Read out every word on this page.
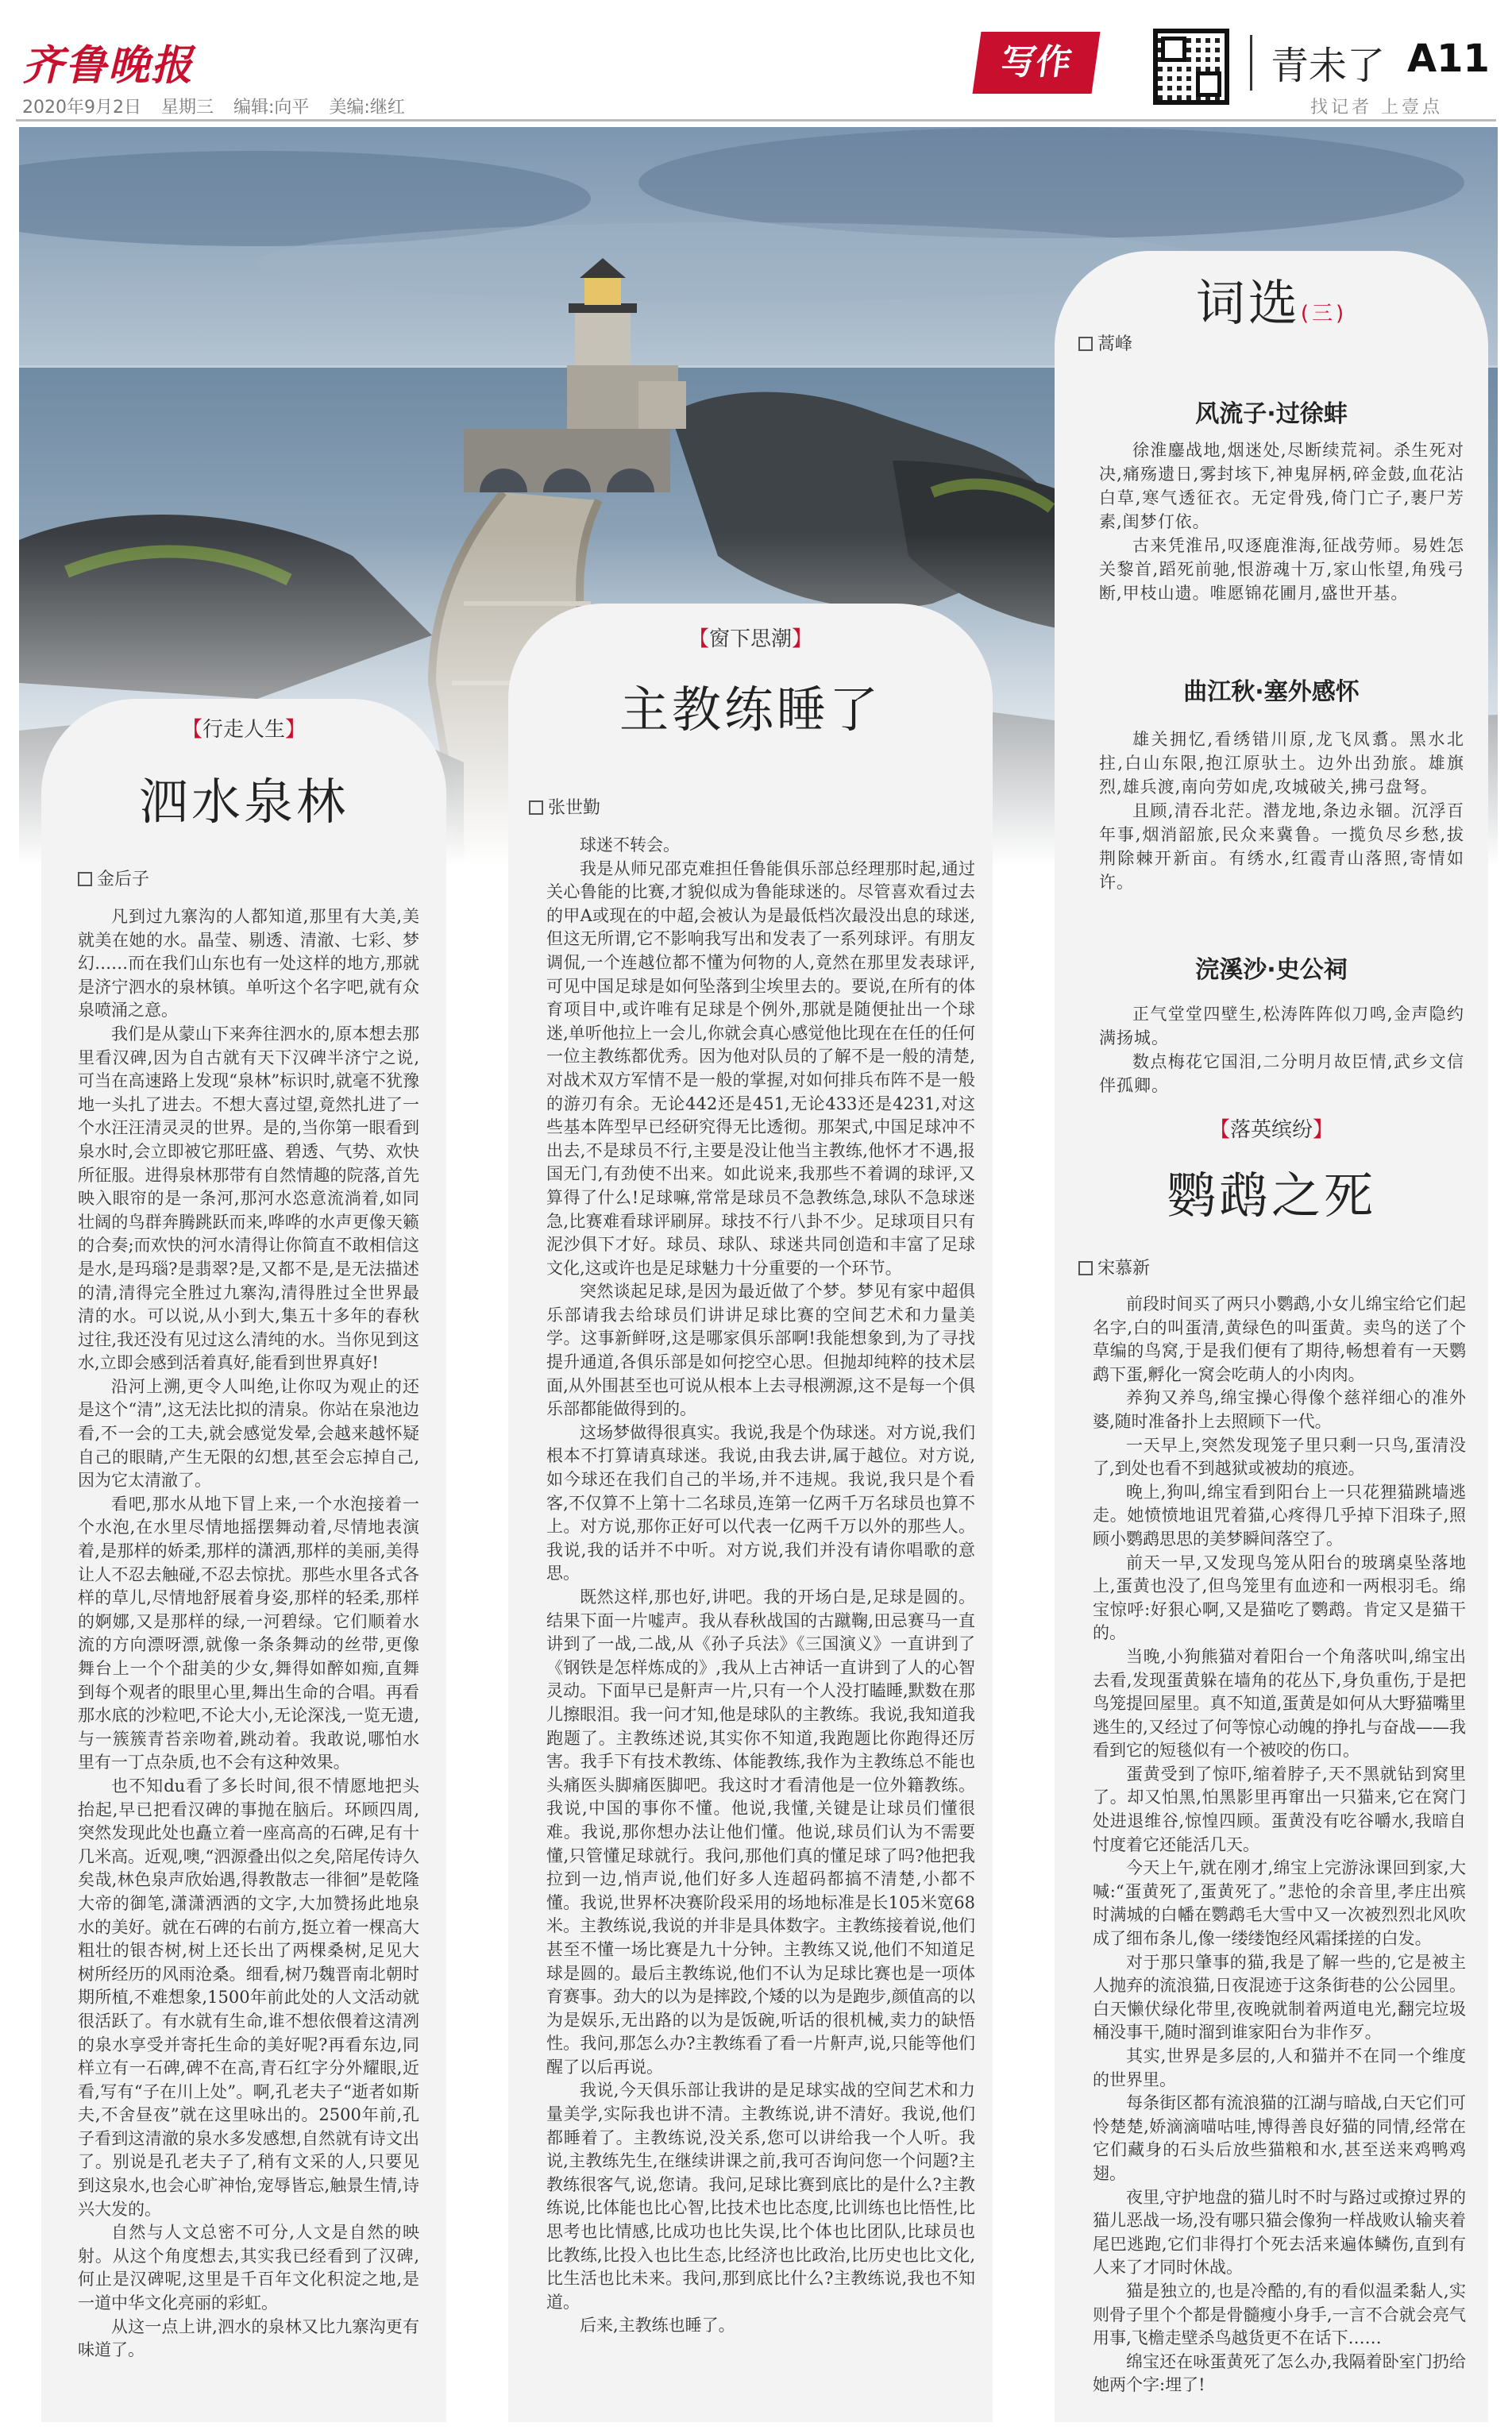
齐鲁晚报
2020年9月2日 星期三 编辑:向平 美编:继红
写作	青未了 A11
找记者 上壹点
【行走人生】
泗水泉林
金后子

凡到过九寨沟的人都知道,那里有大美,美就美在她的水。晶莹、剔透、清澈、七彩、梦幻……而在我们山东也有一处这样的地方,那就是济宁泗水的泉林镇。单听这个名字吧,就有众泉喷涌之意。

我们是从蒙山下来奔往泗水的,原本想去那里看汉碑,因为自古就有天下汉碑半济宁之说,可当在高速路上发现“泉林”标识时,就毫不犹豫地一头扎了进去。不想大喜过望,竟然扎进了一个水汪汪清灵灵的世界。是的,当你第一眼看到泉水时,会立即被它那旺盛、碧透、气势、欢快所征服。进得泉林那带有自然情趣的院落,首先映入眼帘的是一条河,那河水恣意流淌着,如同壮阔的鸟群奔腾跳跃而来,哗哗的水声更像天籁的合奏;而欢快的河水清得让你简直不敢相信这是水,是玛瑙?是翡翠?是,又都不是,是无法描述的清,清得完全胜过九寨沟,清得胜过全世界最清的水。可以说,从小到大,集五十多年的春秋过往,我还没有见过这么清纯的水。当你见到这水,立即会感到活着真好,能看到世界真好!

沿河上溯,更令人叫绝,让你叹为观止的还是这个“清”,这无法比拟的清泉。你站在泉池边看,不一会的工夫,就会感觉发晕,会越来越怀疑自己的眼睛,产生无限的幻想,甚至会忘掉自己,因为它太清澈了。

看吧,那水从地下冒上来,一个水泡接着一个水泡,在水里尽情地摇摆舞动着,尽情地表演着,是那样的娇柔,那样的潇洒,那样的美丽,美得让人不忍去触碰,不忍去惊扰。那些水里各式各样的草儿,尽情地舒展着身姿,那样的轻柔,那样的婀娜,又是那样的绿,一河碧绿。它们顺着水流的方向漂呀漂,就像一条条舞动的丝带,更像舞台上一个个甜美的少女,舞得如醉如痴,直舞到每个观者的眼里心里,舞出生命的合唱。再看那水底的沙粒吧,不论大小,无论深浅,一览无遗,与一簇簇青苔亲吻着,跳动着。我敢说,哪怕水里有一丁点杂质,也不会有这种效果。

也不知du看了多长时间,很不情愿地把头抬起,早已把看汉碑的事抛在脑后。环顾四周,突然发现此处也矗立着一座高高的石碑,足有十几米高。近观,噢,“泗源叠出似之矣,陪尾传诗久矣哉,林色泉声欣始遇,得教散志一徘徊”是乾隆大帝的御笔,潇潇洒洒的文字,大加赞扬此地泉水的美好。就在石碑的右前方,挺立着一棵高大粗壮的银杏树,树上还长出了两棵桑树,足见大树所经历的风雨沧桑。细看,树乃魏晋南北朝时期所植,不难想象,1500年前此处的人文活动就很活跃了。有水就有生命,谁不想依偎着这清冽的泉水享受并寄托生命的美好呢?再看东边,同样立有一石碑,碑不在高,青石红字分外耀眼,近看,写有“子在川上处”。啊,孔老夫子“逝者如斯夫,不舍昼夜”就在这里咏出的。2500年前,孔子看到这清澈的泉水多发感想,自然就有诗文出了。别说是孔老夫子了,稍有文采的人,只要见到这泉水,也会心旷神怡,宠辱皆忘,触景生情,诗兴大发的。

自然与人文总密不可分,人文是自然的映射。从这个角度想去,其实我已经看到了汉碑,何止是汉碑呢,这里是千百年文化积淀之地,是一道中华文化亮丽的彩虹。

从这一点上讲,泗水的泉林又比九寨沟更有味道了。

【窗下思潮】
主教练睡了
张世勤

球迷不转会。

我是从师兄邵克难担任鲁能俱乐部总经理那时起,通过关心鲁能的比赛,才貌似成为鲁能球迷的。尽管喜欢看过去的甲A或现在的中超,会被认为是最低档次最没出息的球迷,但这无所谓,它不影响我写出和发表了一系列球评。有朋友调侃,一个连越位都不懂为何物的人,竟然在那里发表球评,可见中国足球是如何坠落到尘埃里去的。要说,在所有的体育项目中,或许唯有足球是个例外,那就是随便扯出一个球迷,单听他拉上一会儿,你就会真心感觉他比现在在任的任何一位主教练都优秀。因为他对队员的了解不是一般的清楚,对战术双方军情不是一般的掌握,对如何排兵布阵不是一般的游刃有余。无论442还是451,无论433还是4231,对这些基本阵型早已经研究得无比透彻。那架式,中国足球冲不出去,不是球员不行,主要是没让他当主教练,他怀才不遇,报国无门,有劲使不出来。如此说来,我那些不着调的球评,又算得了什么!足球嘛,常常是球员不急教练急,球队不急球迷急,比赛难看球评刷屏。球技不行八卦不少。足球项目只有泥沙俱下才好。球员、球队、球迷共同创造和丰富了足球文化,这或许也是足球魅力十分重要的一个环节。

突然谈起足球,是因为最近做了个梦。梦见有家中超俱乐部请我去给球员们讲讲足球比赛的空间艺术和力量美学。这事新鲜呀,这是哪家俱乐部啊!我能想象到,为了寻找提升通道,各俱乐部是如何挖空心思。但抛却纯粹的技术层面,从外围甚至也可说从根本上去寻根溯源,这不是每一个俱乐部都能做得到的。

这场梦做得很真实。我说,我是个伪球迷。对方说,我们根本不打算请真球迷。我说,由我去讲,属于越位。对方说,如今球还在我们自己的半场,并不违规。我说,我只是个看客,不仅算不上第十二名球员,连第一亿两千万名球员也算不上。对方说,那你正好可以代表一亿两千万以外的那些人。我说,我的话并不中听。对方说,我们并没有请你唱歌的意思。

既然这样,那也好,讲吧。我的开场白是,足球是圆的。结果下面一片嘘声。我从春秋战国的古蹴鞠,田忌赛马一直讲到了一战,二战,从《孙子兵法》《三国演义》一直讲到了《钢铁是怎样炼成的》,我从上古神话一直讲到了人的心智灵动。下面早已是鼾声一片,只有一个人没打瞌睡,默数在那儿擦眼泪。我一问才知,他是球队的主教练。我说,我知道我跑题了。主教练述说,其实你不知道,我跑题比你跑得还厉害。我手下有技术教练、体能教练,我作为主教练总不能也头痛医头脚痛医脚吧。我这时才看清他是一位外籍教练。我说,中国的事你不懂。他说,我懂,关键是让球员们懂很难。我说,那你想办法让他们懂。他说,球员们认为不需要懂,只管懂足球就行。我问,那他们真的懂足球了吗?他把我拉到一边,悄声说,他们好多人连超码都搞不清楚,小都不懂。我说,世界杯决赛阶段采用的场地标准是长105米宽68米。主教练说,我说的并非是具体数字。主教练接着说,他们甚至不懂一场比赛是九十分钟。主教练又说,他们不知道足球是圆的。最后主教练说,他们不认为足球比赛也是一项体育赛事。劲大的以为是摔跤,个矮的以为是跑步,颜值高的以为是娱乐,无出路的以为是饭碗,听话的很机械,卖力的缺悟性。我问,那怎么办?主教练看了看一片鼾声,说,只能等他们醒了以后再说。

我说,今天俱乐部让我讲的是足球实战的空间艺术和力量美学,实际我也讲不清。主教练说,讲不清好。我说,他们都睡着了。主教练说,没关系,您可以讲给我一个人听。我说,主教练先生,在继续讲课之前,我可否询问您一个问题?主教练很客气,说,您请。我问,足球比赛到底比的是什么?主教练说,比体能也比心智,比技术也比态度,比训练也比悟性,比思考也比情感,比成功也比失误,比个体也比团队,比球员也比教练,比投入也比生态,比经济也比政治,比历史也比文化,比生活也比未来。我问,那到底比什么?主教练说,我也不知道。

后来,主教练也睡了。

词选(三)
蒿峰
风流子·过徐蚌

徐淮鏖战地,烟迷处,尽断续荒祠。杀生死对决,痛殇遗日,雾封垓下,神鬼屏柄,碎金鼓,血花沾白草,寒气透征衣。无定骨残,倚门亡子,裹尸芳素,闺梦仃依。

古来凭淮吊,叹逐鹿淮海,征战劳师。易姓怎关黎首,蹈死前驰,恨游魂十万,家山怅望,角残弓断,甲枝山遗。唯愿锦花圃月,盛世开基。

曲江秋·塞外感怀

雄关拥忆,看绣错川原,龙飞凤翥。黑水北拄,白山东限,抱江原驮土。边外出劲旅。雄旗烈,雄兵渡,南向劳如虎,攻城破关,拂弓盘弩。

且顾,清吞北茫。潜龙地,条边永锢。沉浮百年事,烟消韶旅,民众来冀鲁。一揽负尽乡愁,拔荆除棘开新亩。有绣水,红霞青山落照,寄情如许。

浣溪沙·史公祠

正气堂堂四壁生,松涛阵阵似刀鸣,金声隐约满扬城。

数点梅花它国泪,二分明月故臣情,武乡文信伴孤卿。

【落英缤纷】
鹦鹉之死
宋慕新

前段时间买了两只小鹦鹉,小女儿绵宝给它们起名字,白的叫蛋清,黄绿色的叫蛋黄。卖鸟的送了个草编的鸟窝,于是我们便有了期待,畅想着有一天鹦鹉下蛋,孵化一窝会吃萌人的小肉肉。

养狗又养鸟,绵宝操心得像个慈祥细心的准外婆,随时准备扑上去照顾下一代。

一天早上,突然发现笼子里只剩一只鸟,蛋清没了,到处也看不到越狱或被劫的痕迹。

晚上,狗叫,绵宝看到阳台上一只花狸猫跳墙逃走。她愤愤地诅咒着猫,心疼得几乎掉下泪珠子,照顾小鹦鹉思思的美梦瞬间落空了。

前天一早,又发现鸟笼从阳台的玻璃桌坠落地上,蛋黄也没了,但鸟笼里有血迹和一两根羽毛。绵宝惊呼:好狠心啊,又是猫吃了鹦鹉。肯定又是猫干的。

当晚,小狗熊猫对着阳台一个角落吠叫,绵宝出去看,发现蛋黄躲在墙角的花丛下,身负重伤,于是把鸟笼提回屋里。真不知道,蛋黄是如何从大野猫嘴里逃生的,又经过了何等惊心动魄的挣扎与奋战——我看到它的短毯似有一个被咬的伤口。

蛋黄受到了惊吓,缩着脖子,天不黑就钻到窝里了。却又怕黑,怕黑影里再窜出一只猫来,它在窝门处进退维谷,惊惶四顾。蛋黄没有吃谷嚼水,我暗自忖度着它还能活几天。

今天上午,就在刚才,绵宝上完游泳课回到家,大喊:“蛋黄死了,蛋黄死了。”悲怆的余音里,孝庄出殡时满城的白幡在鹦鹉毛大雪中又一次被烈烈北风吹成了细布条儿,像一缕缕饱经风霜揉搓的白发。

对于那只肇事的猫,我是了解一些的,它是被主人抛弃的流浪猫,日夜混迹于这条街巷的公公园里。白天懒伏绿化带里,夜晚就制着两道电光,翻完垃圾桶没事干,随时溜到谁家阳台为非作歹。

其实,世界是多层的,人和猫并不在同一个维度的世界里。

每条街区都有流浪猫的江湖与暗战,白天它们可怜楚楚,娇滴滴喵咕哇,博得善良好猫的同情,经常在它们藏身的石头后放些猫粮和水,甚至送来鸡鸭鸡翅。

夜里,守护地盘的猫儿时不时与路过或撩过界的猫儿恶战一场,没有哪只猫会像狗一样战败认输夹着尾巴逃跑,它们非得打个死去活来遍体鳞伤,直到有人来了才同时休战。

猫是独立的,也是冷酷的,有的看似温柔黏人,实则骨子里个个都是骨髓瘦小身手,一言不合就会亮气用事,飞檐走壁杀鸟越货更不在话下……

绵宝还在咏蛋黄死了怎么办,我隔着卧室门扔给她两个字:埋了!
